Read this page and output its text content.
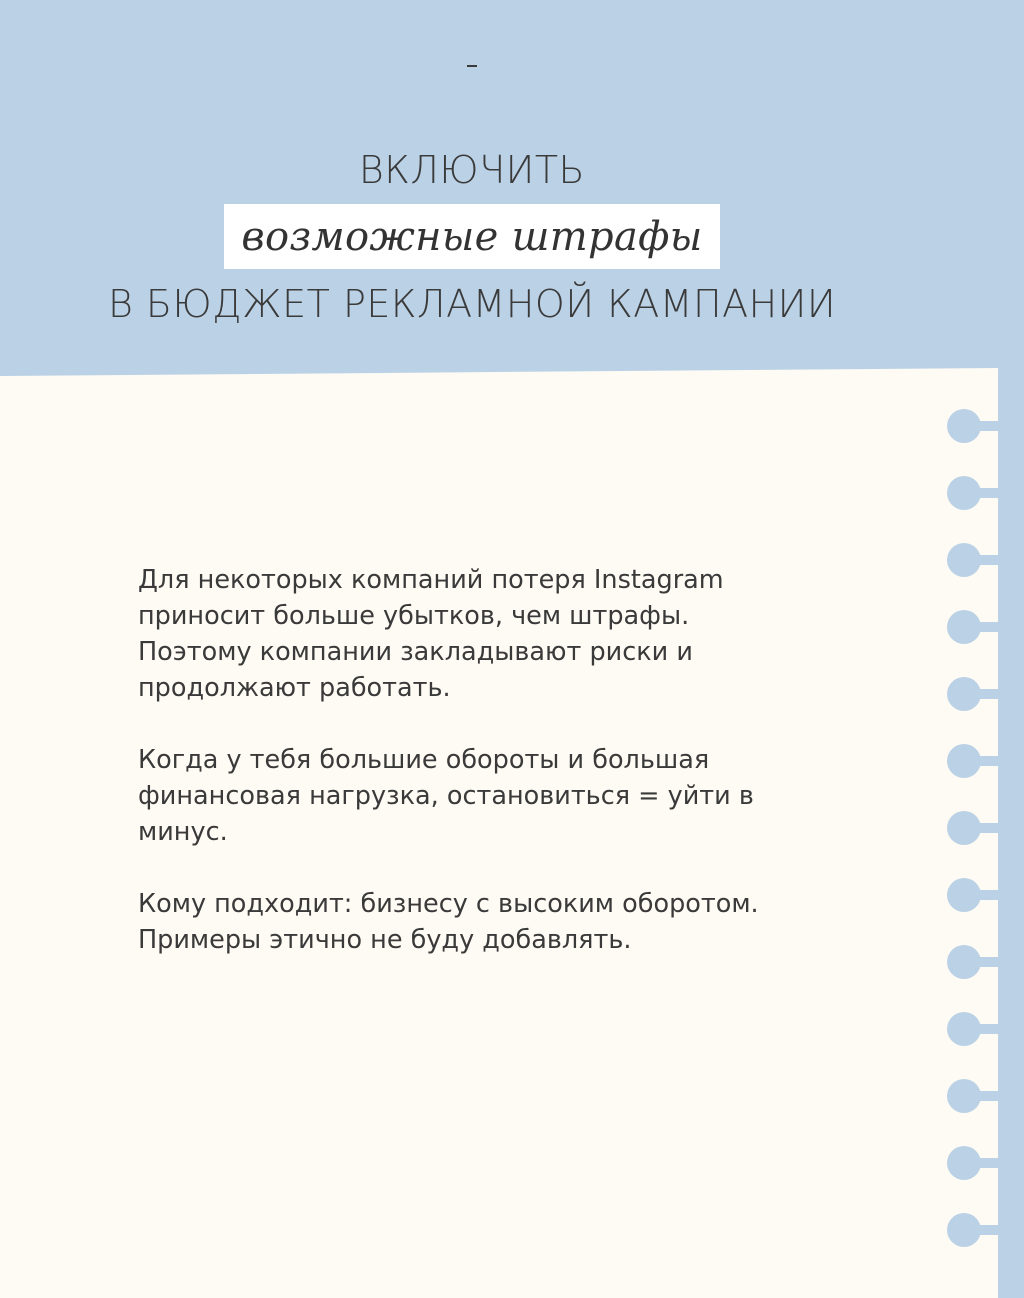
ВКЛЮЧИТЬ
возможные штрафы
В БЮДЖЕТ РЕКЛАМНОЙ КАМПАНИИ

Для некоторых компаний потеря Instagram
приносит больше убытков, чем штрафы.
Поэтому компании закладывают риски и
продолжают работать.

Когда у тебя большие обороты и большая
финансовая нагрузка, остановиться = уйти в
минус.

Кому подходит: бизнесу с высоким оборотом.
Примеры этично не буду добавлять.
